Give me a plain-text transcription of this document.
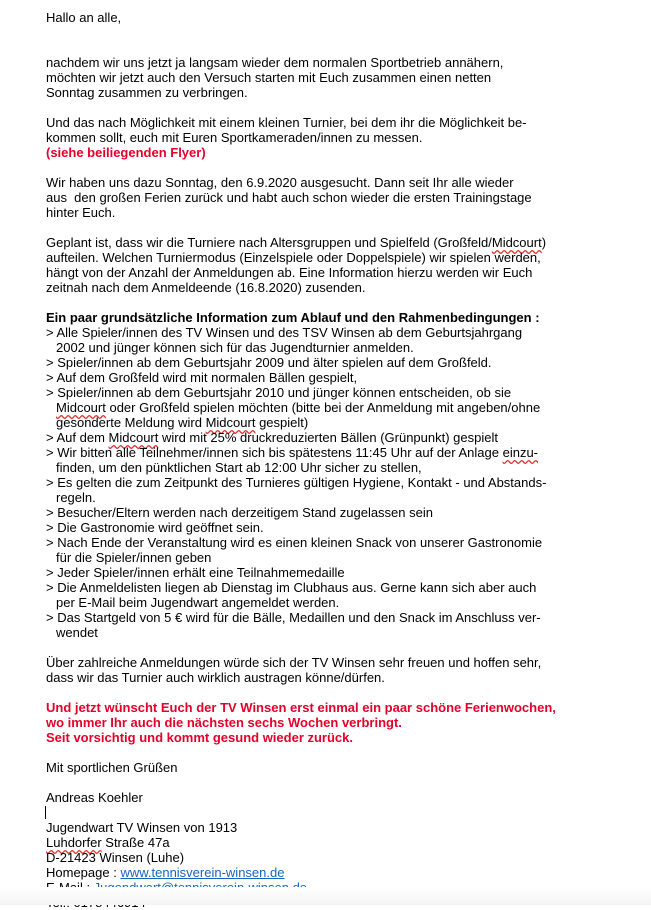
Hallo an alle,
nachdem wir uns jetzt ja langsam wieder dem normalen Sportbetrieb annähern,
möchten wir jetzt auch den Versuch starten mit Euch zusammen einen netten
Sonntag zusammen zu verbringen.
Und das nach Möglichkeit mit einem kleinen Turnier, bei dem ihr die Möglichkeit be-
kommen sollt, euch mit Euren Sportkameraden/innen zu messen.
(siehe beiliegenden Flyer)
Wir haben uns dazu Sonntag, den 6.9.2020 ausgesucht. Dann seit Ihr alle wieder
aus  den großen Ferien zurück und habt auch schon wieder die ersten Trainingstage
hinter Euch.
Geplant ist, dass wir die Turniere nach Altersgruppen und Spielfeld (Großfeld/Midcourt)
aufteilen. Welchen Turniermodus (Einzelspiele oder Doppelspiele) wir spielen werden,
hängt von der Anzahl der Anmeldungen ab. Eine Information hierzu werden wir Euch
zeitnah nach dem Anmeldeende (16.8.2020) zusenden.
Ein paar grundsätzliche Information zum Ablauf und den Rahmenbedingungen :
> Alle Spieler/innen des TV Winsen und des TSV Winsen ab dem Geburtsjahrgang
2002 und jünger können sich für das Jugendturnier anmelden.
> Spieler/innen ab dem Geburtsjahr 2009 und älter spielen auf dem Großfeld.
> Auf dem Großfeld wird mit normalen Bällen gespielt,
> Spieler/innen ab dem Geburtsjahr 2010 und jünger können entscheiden, ob sie
Midcourt oder Großfeld spielen möchten (bitte bei der Anmeldung mit angeben/ohne
gesonderte Meldung wird Midcourt gespielt)
> Auf dem Midcourt wird mit 25% druckreduzierten Bällen (Grünpunkt) gespielt
> Wir bitten alle Teilnehmer/innen sich bis spätestens 11:45 Uhr auf der Anlage einzu-
finden, um den pünktlichen Start ab 12:00 Uhr sicher zu stellen,
> Es gelten die zum Zeitpunkt des Turnieres gültigen Hygiene, Kontakt - und Abstands-
regeln.
> Besucher/Eltern werden nach derzeitigem Stand zugelassen sein
> Die Gastronomie wird geöffnet sein.
> Nach Ende der Veranstaltung wird es einen kleinen Snack von unserer Gastronomie
für die Spieler/innen geben
> Jeder Spieler/innen erhält eine Teilnahmemedaille
> Die Anmeldelisten liegen ab Dienstag im Clubhaus aus. Gerne kann sich aber auch
per E-Mail beim Jugendwart angemeldet werden.
> Das Startgeld von 5 € wird für die Bälle, Medaillen und den Snack im Anschluss ver-
wendet
Über zahlreiche Anmeldungen würde sich der TV Winsen sehr freuen und hoffen sehr,
dass wir das Turnier auch wirklich austragen könne/dürfen.
Und jetzt wünscht Euch der TV Winsen erst einmal ein paar schöne Ferienwochen,
wo immer Ihr auch die nächsten sechs Wochen verbringt.
Seit vorsichtig und kommt gesund wieder zurück.
Mit sportlichen Grüßen
Andreas Koehler
Jugendwart TV Winsen von 1913
Luhdorfer Straße 47a
D-21423 Winsen (Luhe)
Homepage : www.tennisverein-winsen.de
